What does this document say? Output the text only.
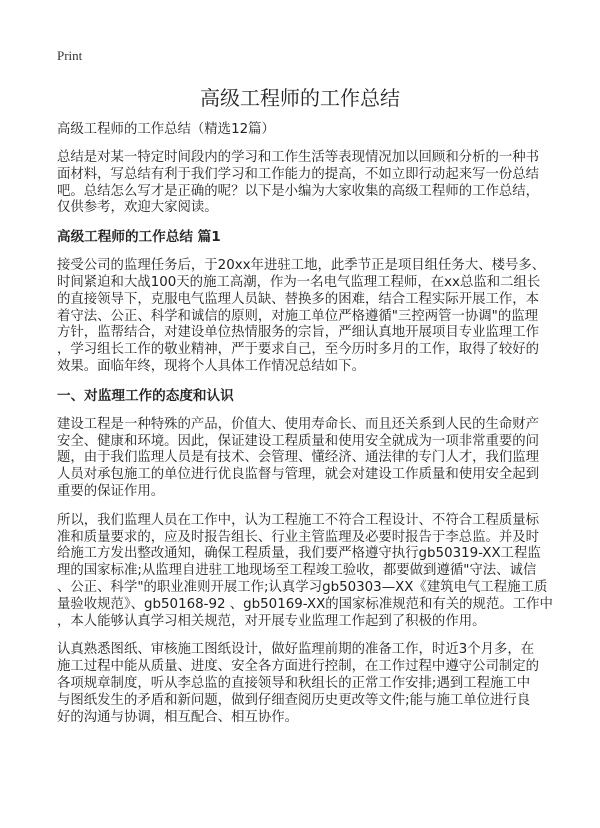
Print
高级工程师的工作总结
高级工程师的工作总结（精选12篇）
总结是对某一特定时间段内的学习和工作生活等表现情况加以回顾和分析的一种书
面材料，写总结有利于我们学习和工作能力的提高，不如立即行动起来写一份总结
吧。总结怎么写才是正确的呢？以下是小编为大家收集的高级工程师的工作总结，
仅供参考，欢迎大家阅读。
高级工程师的工作总结 篇1
接受公司的监理任务后，于20xx年进驻工地，此季节正是项目组任务大、楼号多、
时间紧迫和大战100天的施工高潮，作为一名电气监理工程师，在xx总监和二组长
的直接领导下，克服电气监理人员缺、替换多的困难，结合工程实际开展工作，本
着守法、公正、科学和诚信的原则，对施工单位严格遵循"三控两管一协调"的监理
方针，监帮结合，对建设单位热情服务的宗旨，严细认真地开展项目专业监理工作
，学习组长工作的敬业精神，严于要求自己，至今历时多月的工作，取得了较好的
效果。面临年终，现将个人具体工作情况总结如下。
一、对监理工作的态度和认识
建设工程是一种特殊的产品，价值大、使用寿命长、而且还关系到人民的生命财产
安全、健康和环境。因此，保证建设工程质量和使用安全就成为一项非常重要的问
题，由于我们监理人员是有技术、会管理、懂经济、通法律的专门人才，我们监理
人员对承包施工的单位进行优良监督与管理，就会对建设工作质量和使用安全起到
重要的保证作用。
所以，我们监理人员在工作中，认为工程施工不符合工程设计、不符合工程质量标
准和质量要求的，应及时报告组长、行业主管监理及必要时报告于李总监。并及时
给施工方发出整改通知，确保工程质量，我们要严格遵守执行gb50319-XX工程监
理的国家标准;从监理自进驻工地现场至工程竣工验收，都要做到遵循"守法、诚信
、公正、科学"的职业准则开展工作;认真学习gb50303—XX《建筑电气工程施工质
量验收规范》、gb50168-92 、gb50169-XX的国家标准规范和有关的规范。工作中
，本人能够认真学习相关规范，对开展专业监理工作起到了积极的作用。
认真熟悉图纸、审核施工图纸设计，做好监理前期的准备工作，时近3个月多，在
施工过程中能从质量、进度、安全各方面进行控制，在工作过程中遵守公司制定的
各项规章制度，听从李总监的直接领导和秋组长的正常工作安排;遇到工程施工中
与图纸发生的矛盾和新问题，做到仔细查阅历史更改等文件;能与施工单位进行良
好的沟通与协调，相互配合、相互协作。
